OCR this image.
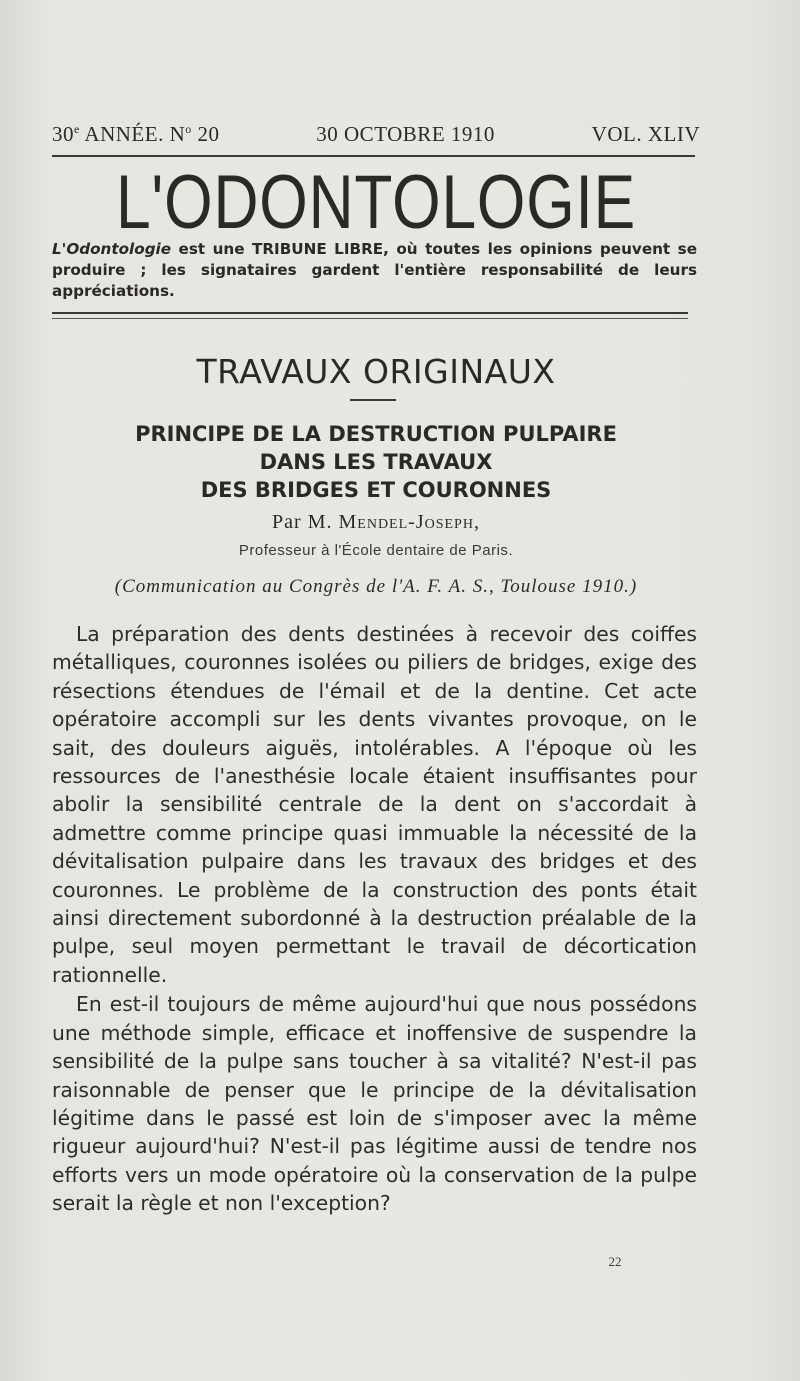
30e ANNÉE. $N^o$ 20	30 OCTOBRE 1910	VOL. XLIV
L'ODONTOLOGIE
L'Odontologie est une TRIBUNE LIBRE, où toutes les opinions peuvent se produire ; les signataires gardent l'entière responsabilité de leurs appréciations.
TRAVAUX ORIGINAUX
PRINCIPE DE LA DESTRUCTION PULPAIRE
DANS LES TRAVAUX
DES BRIDGES ET COURONNES
Par M. Mendel-Joseph,
Professeur à l'École dentaire de Paris.
(Communication au Congrès de l'A. F. A. S., Toulouse 1910.)

La préparation des dents destinées à recevoir des coiffes métalliques, couronnes isolées ou piliers de bridges, exige des résections étendues de l'émail et de la dentine. Cet acte opératoire accompli sur les dents vivantes provoque, on le sait, des douleurs aiguës, intolérables. A l'époque où les ressources de l'anesthésie locale étaient insuffisantes pour abolir la sensibilité centrale de la dent on s'accordait à admettre comme principe quasi immuable la nécessité de la dévitalisation pulpaire dans les travaux des bridges et des couronnes. Le problème de la construction des ponts était ainsi directement subordonné à la destruction préalable de la pulpe, seul moyen permettant le travail de décortication rationnelle.

En est-il toujours de même aujourd'hui que nous possédons une méthode simple, efficace et inoffensive de suspendre la sensibilité de la pulpe sans toucher à sa vitalité? N'est-il pas raisonnable de penser que le principe de la dévitalisation légitime dans le passé est loin de s'imposer avec la même rigueur aujourd'hui? N'est-il pas légitime aussi de tendre nos efforts vers un mode opératoire où la conservation de la pulpe serait la règle et non l'exception?

22
